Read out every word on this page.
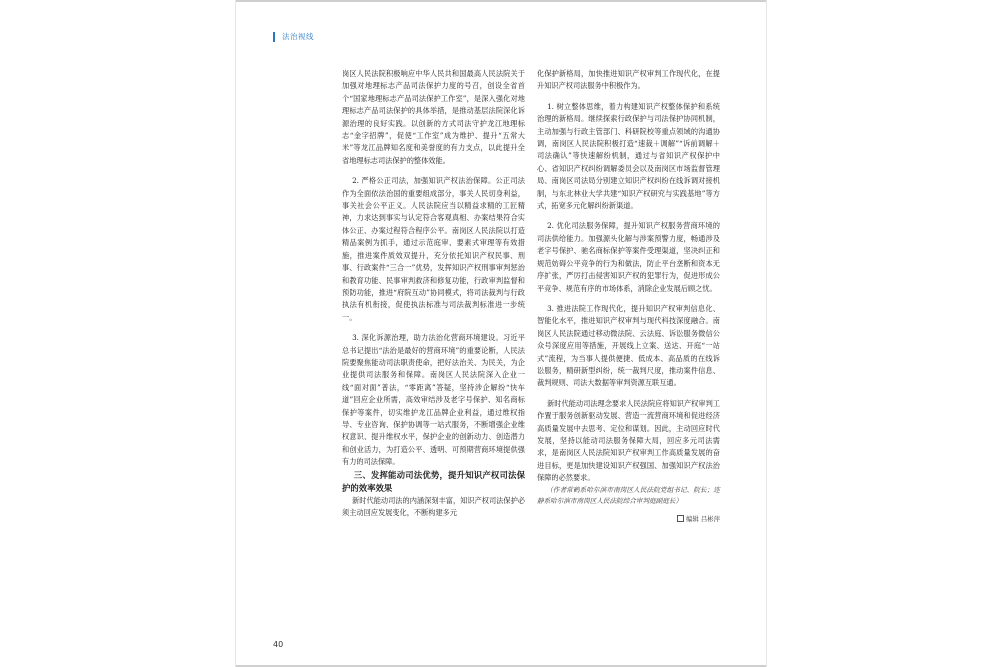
法治视线

岗区人民法院积极响应中华人民共和国最高人民法院关于加强对地理标志产品司法保护力度的号召，创设全省首个“国家地理标志产品司法保护工作室”，是深入强化对地理标志产品司法保护的具体举措，是推动基层法院深化诉源治理的良好实践。以创新的方式司法守护龙江地理标志“金字招牌”，促使“工作室”成为维护、提升“五常大米”等龙江品牌知名度和美誉度的有力支点，以此提升全省地理标志司法保护的整体效能。

2. 严格公正司法，加强知识产权法治保障。公正司法作为全面依法治国的重要组成部分，事关人民切身利益，事关社会公平正义。人民法院应当以精益求精的工匠精神，力求达到事实与认定符合客观真相、办案结果符合实体公正、办案过程符合程序公平。南岗区人民法院以打造精品案例为抓手，通过示范庭审、要素式审理等有效措施，推进案件质效双提升，充分依托知识产权民事、刑事、行政案件“三合一”优势，发挥知识产权刑事审判惩治和教育功能、民事审判救济和修复功能，行政审判监督和预防功能，推进“府院互动”协同模式，将司法裁判与行政执法有机衔接，促使执法标准与司法裁判标准进一步统一。

3. 深化诉源治理，助力法治化营商环境建设。习近平总书记提出“法治是最好的营商环境”的重要论断，人民法院要聚焦能动司法职责使命，把好法治关、为民关，为企业提供司法服务和保障。南岗区人民法院深入企业一线“面对面”普法，“零距离”答疑，坚持涉企解纷“快车道”回应企业所需，高效审结涉及老字号保护、知名商标保护等案件，切实维护龙江品牌企业利益，通过维权指导、专业咨询、保护协调等一站式服务，不断增强企业维权意识、提升维权水平，保护企业的创新动力、创造潜力和创业活力，为打造公平、透明、可预期营商环境提供强有力的司法保障。

三、发挥能动司法优势，提升知识产权司法保护的效率效果

新时代能动司法的内涵深刻丰富，知识产权司法保护必须主动回应发展变化，不断构建多元

化保护新格局，加快推进知识产权审判工作现代化，在提升知识产权司法服务中积极作为。

1. 树立整体思维，着力构建知识产权整体保护和系统治理的新格局。继续探索行政保护与司法保护协同机制，主动加强与行政主管部门、科研院校等重点领域的沟通协调，南岗区人民法院积极打造“速裁＋调解”“诉前调解＋司法确认”等快速解纷机制，通过与省知识产权保护中心、省知识产权纠纷调解委员会以及南岗区市场监督管理局、南岗区司法局分别建立知识产权纠纷在线诉调对接机制，与东北林业大学共建“知识产权研究与实践基地”等方式，拓宽多元化解纠纷新渠道。

2. 优化司法服务保障，提升知识产权服务营商环境的司法供给能力。加强源头化解与涉案预警力度，畅通涉及老字号保护、驰名商标保护等案件受理渠道，坚决纠正和规范妨碍公平竞争的行为和做法，防止平台垄断和资本无序扩张，严厉打击侵害知识产权的犯罪行为，促进形成公平竞争、规范有序的市场体系，消除企业发展后顾之忧。

3. 推进法院工作现代化，提升知识产权审判信息化、智能化水平，推进知识产权审判与现代科技深度融合。南岗区人民法院通过移动微法院、云法庭、诉讼服务微信公众号深度应用等措施，开展线上立案、送达、开庭“一站式”流程，为当事人提供便捷、低成本、高品质的在线诉讼服务，精研新型纠纷，统一裁判尺度，推动案件信息、裁判规则、司法大数据等审判资源互联互通。

新时代能动司法理念要求人民法院应将知识产权审判工作置于服务创新驱动发展、营造一流营商环境和促进经济高质量发展中去思考、定位和谋划。因此，主动回应时代发展，坚持以能动司法服务保障大局，回应多元司法需求，是南岗区人民法院知识产权审判工作高质量发展的奋进目标，更是加快建设知识产权强国、加强知识产权法治保障的必然要求。

（作者常鹤系哈尔滨市南岗区人民法院党组书记、院长；连静系哈尔滨市南岗区人民法院综合审判庭副庭长）

编辑 吕彬萍
40
